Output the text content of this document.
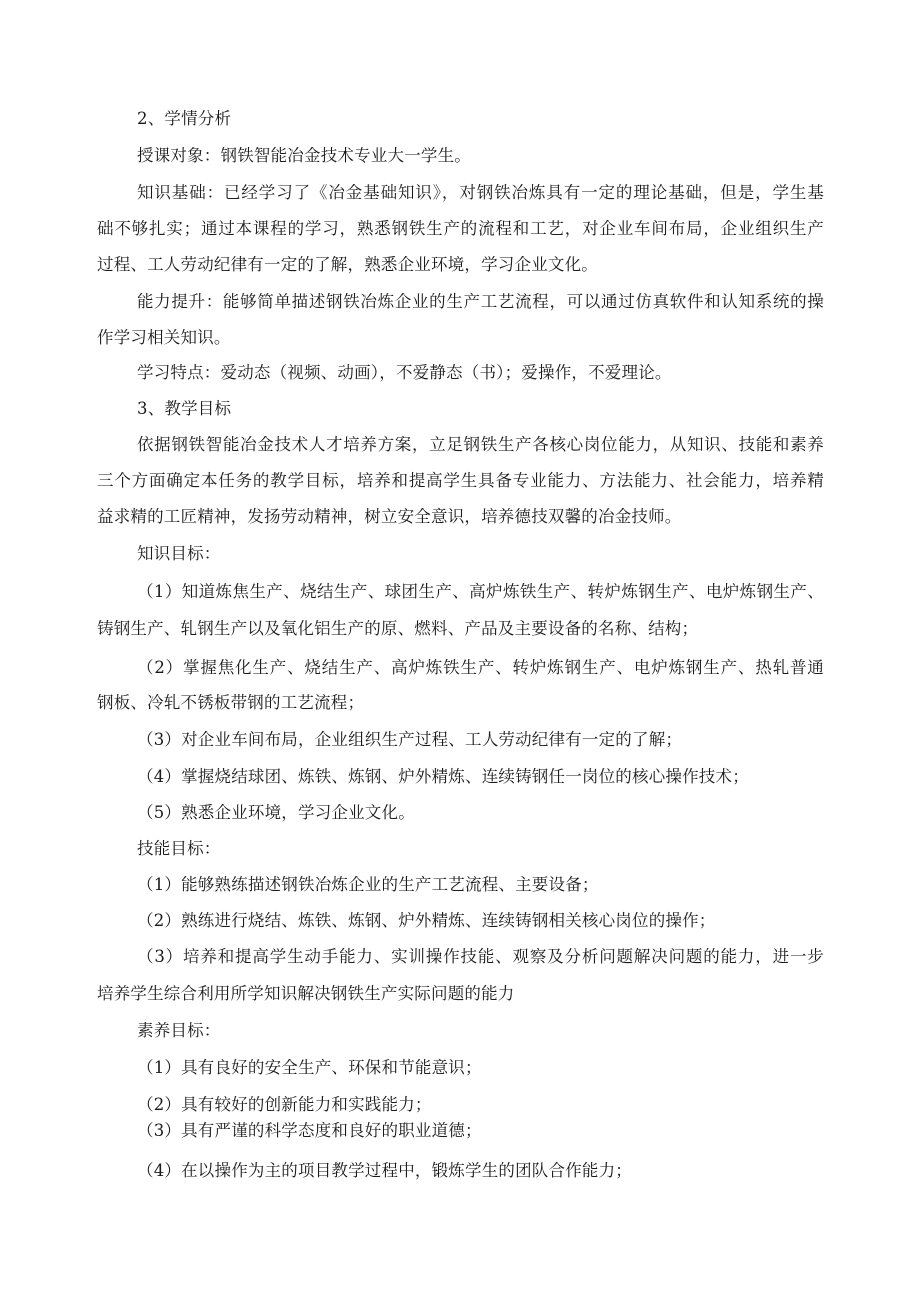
2、学情分析
授课对象：钢铁智能冶金技术专业大一学生。
知识基础：已经学习了《冶金基础知识》，对钢铁冶炼具有一定的理论基础，但是，学生基
础不够扎实；通过本课程的学习，熟悉钢铁生产的流程和工艺，对企业车间布局，企业组织生产
过程、工人劳动纪律有一定的了解，熟悉企业环境，学习企业文化。
能力提升：能够简单描述钢铁冶炼企业的生产工艺流程，可以通过仿真软件和认知系统的操
作学习相关知识。
学习特点：爱动态（视频、动画），不爱静态（书）；爱操作，不爱理论。
3、教学目标
依据钢铁智能冶金技术人才培养方案，立足钢铁生产各核心岗位能力，从知识、技能和素养
三个方面确定本任务的教学目标，培养和提高学生具备专业能力、方法能力、社会能力，培养精
益求精的工匠精神，发扬劳动精神，树立安全意识，培养德技双馨的冶金技师。
知识目标：
（1）知道炼焦生产、烧结生产、球团生产、高炉炼铁生产、转炉炼钢生产、电炉炼钢生产、
铸钢生产、轧钢生产以及氧化铝生产的原、燃料、产品及主要设备的名称、结构；
（2）掌握焦化生产、烧结生产、高炉炼铁生产、转炉炼钢生产、电炉炼钢生产、热轧普通
钢板、冷轧不锈板带钢的工艺流程；
（3）对企业车间布局，企业组织生产过程、工人劳动纪律有一定的了解；
（4）掌握烧结球团、炼铁、炼钢、炉外精炼、连续铸钢任一岗位的核心操作技术；
（5）熟悉企业环境，学习企业文化。
技能目标：
（1）能够熟练描述钢铁冶炼企业的生产工艺流程、主要设备；
（2）熟练进行烧结、炼铁、炼钢、炉外精炼、连续铸钢相关核心岗位的操作；
（3）培养和提高学生动手能力、实训操作技能、观察及分析问题解决问题的能力，进一步
培养学生综合利用所学知识解决钢铁生产实际问题的能力
素养目标：
（1）具有良好的安全生产、环保和节能意识；
（2）具有较好的创新能力和实践能力；
（3）具有严谨的科学态度和良好的职业道德；
（4）在以操作为主的项目教学过程中，锻炼学生的团队合作能力；
